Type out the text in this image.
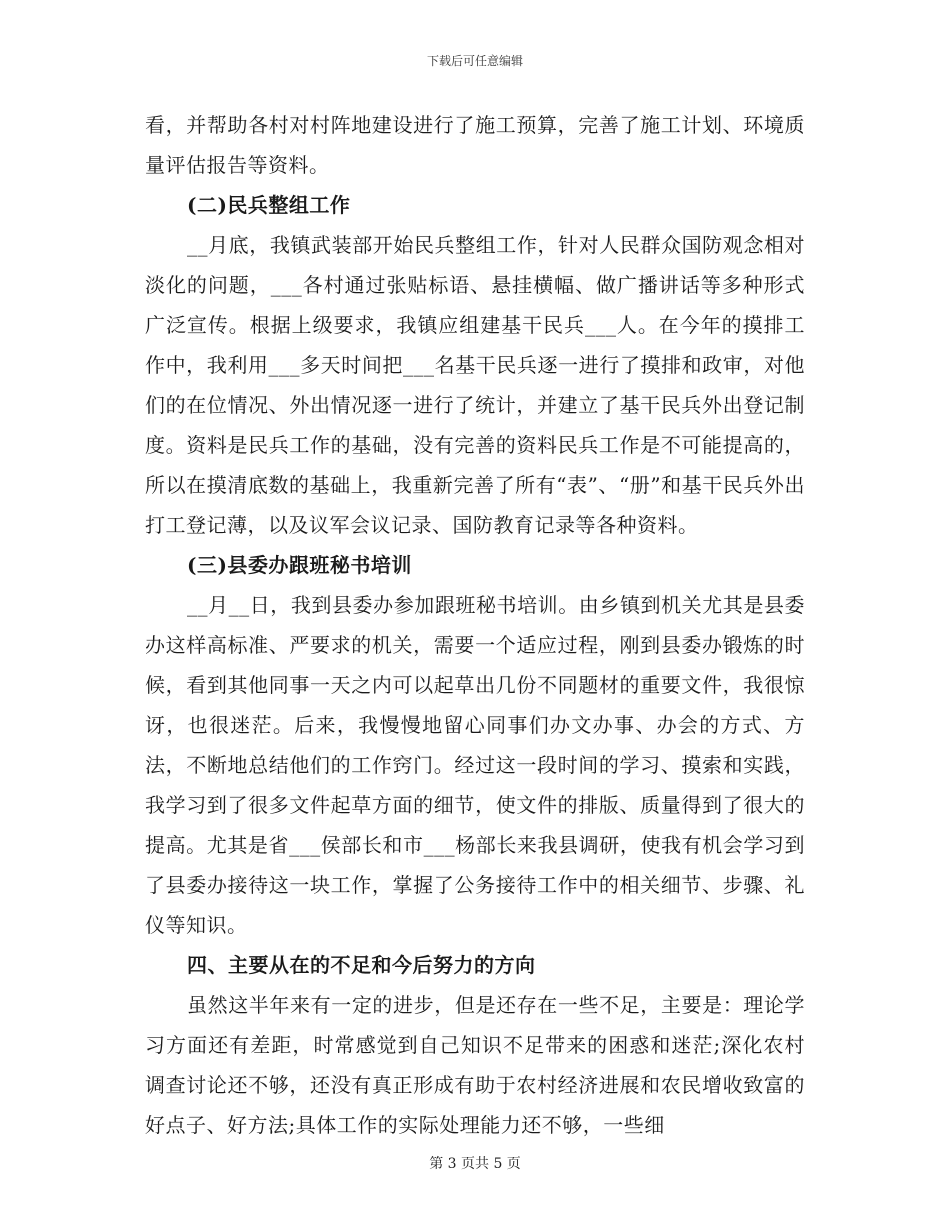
下载后可任意编辑

看，并帮助各村对村阵地建设进行了施工预算，完善了施工计划、环境质量评估报告等资料。

(二)民兵整组工作

__月底，我镇武装部开始民兵整组工作，针对人民群众国防观念相对淡化的问题，___各村通过张贴标语、悬挂横幅、做广播讲话等多种形式广泛宣传。根据上级要求，我镇应组建基干民兵___人。在今年的摸排工作中，我利用___多天时间把___名基干民兵逐一进行了摸排和政审，对他们的在位情况、外出情况逐一进行了统计，并建立了基干民兵外出登记制度。资料是民兵工作的基础，没有完善的资料民兵工作是不可能提高的，所以在摸清底数的基础上，我重新完善了所有“表”、“册”和基干民兵外出打工登记薄，以及议军会议记录、国防教育记录等各种资料。

(三)县委办跟班秘书培训

__月__日，我到县委办参加跟班秘书培训。由乡镇到机关尤其是县委办这样高标准、严要求的机关，需要一个适应过程，刚到县委办锻炼的时候，看到其他同事一天之内可以起草出几份不同题材的重要文件，我很惊讶，也很迷茫。后来，我慢慢地留心同事们办文办事、办会的方式、方法，不断地总结他们的工作窍门。经过这一段时间的学习、摸索和实践，我学习到了很多文件起草方面的细节，使文件的排版、质量得到了很大的提高。尤其是省___侯部长和市___杨部长来我县调研，使我有机会学习到了县委办接待这一块工作，掌握了公务接待工作中的相关细节、步骤、礼仪等知识。

四、主要从在的不足和今后努力的方向

虽然这半年来有一定的进步，但是还存在一些不足，主要是：理论学习方面还有差距，时常感觉到自己知识不足带来的困惑和迷茫;深化农村调查讨论还不够，还没有真正形成有助于农村经济进展和农民增收致富的好点子、好方法;具体工作的实际处理能力还不够，一些细

第 3 页共 5 页
